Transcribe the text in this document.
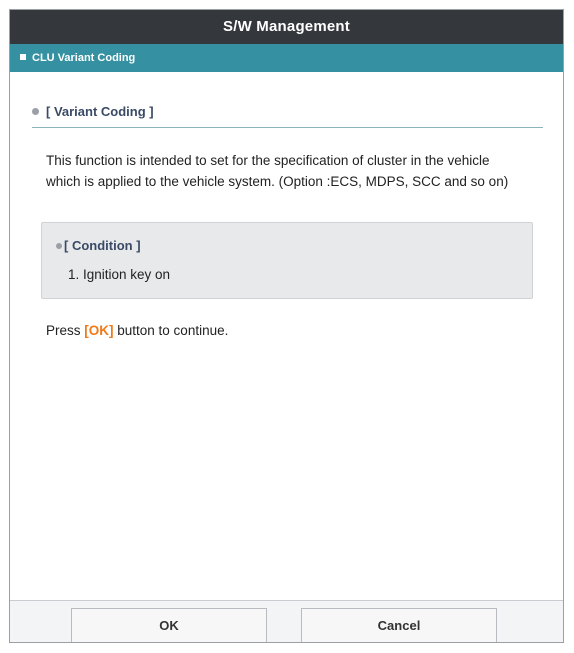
S/W Management
CLU Variant Coding
[ Variant Coding ]
This function is intended to set for the specification of cluster in the vehicle
which is applied to the vehicle system. (Option :ECS, MDPS, SCC and so on)
[ Condition ]
1. Ignition key on
Press [OK] button to continue.
OK	Cancel
